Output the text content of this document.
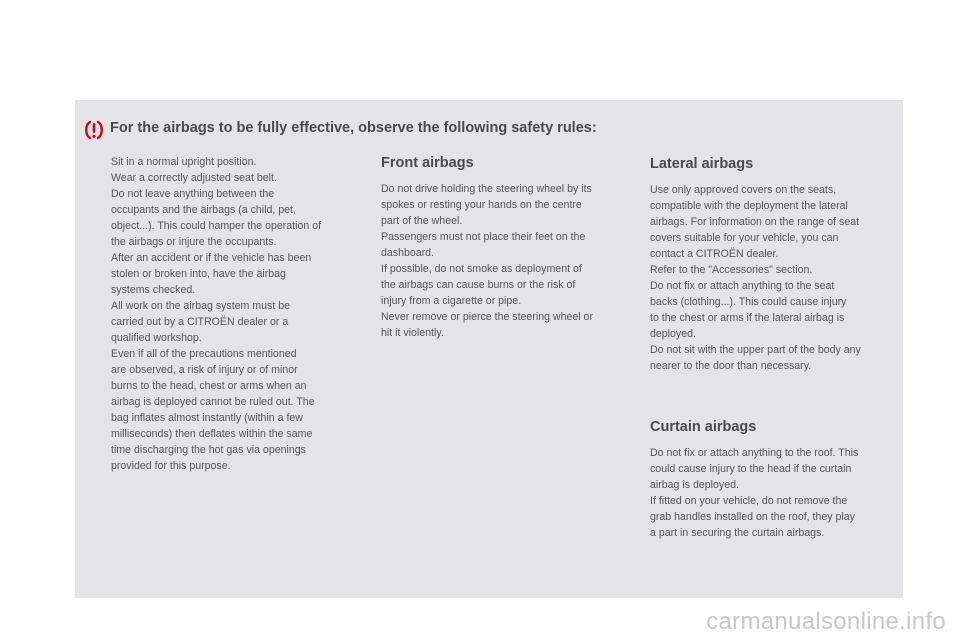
For the airbags to be fully effective, observe the following safety rules:

Sit in a normal upright position.

Wear a correctly adjusted seat belt.

Do not leave anything between the

occupants and the airbags (a child, pet,

object...). This could hamper the operation of

the airbags or injure the occupants.

After an accident or if the vehicle has been

stolen or broken into, have the airbag

systems checked.

All work on the airbag system must be

carried out by a CITROËN dealer or a

qualified workshop.

Even if all of the precautions mentioned

are observed, a risk of injury or of minor

burns to the head, chest or arms when an

airbag is deployed cannot be ruled out. The

bag inflates almost instantly (within a few

milliseconds) then deflates within the same

time discharging the hot gas via openings

provided for this purpose.

Front airbags

Do not drive holding the steering wheel by its

spokes or resting your hands on the centre

part of the wheel.

Passengers must not place their feet on the

dashboard.

If possible, do not smoke as deployment of

the airbags can cause burns or the risk of

injury from a cigarette or pipe.

Never remove or pierce the steering wheel or

hit it violently.

Lateral airbags

Use only approved covers on the seats,

compatible with the deployment the lateral

airbags. For information on the range of seat

covers suitable for your vehicle, you can

contact a CITROËN dealer.

Refer to the "Accessories" section.

Do not fix or attach anything to the seat

backs (clothing...). This could cause injury

to the chest or arms if the lateral airbag is

deployed.

Do not sit with the upper part of the body any

nearer to the door than necessary.

Curtain airbags

Do not fix or attach anything to the roof. This

could cause injury to the head if the curtain

airbag is deployed.

If fitted on your vehicle, do not remove the

grab handles installed on the roof, they play

a part in securing the curtain airbags.

carmanualsonline.info
